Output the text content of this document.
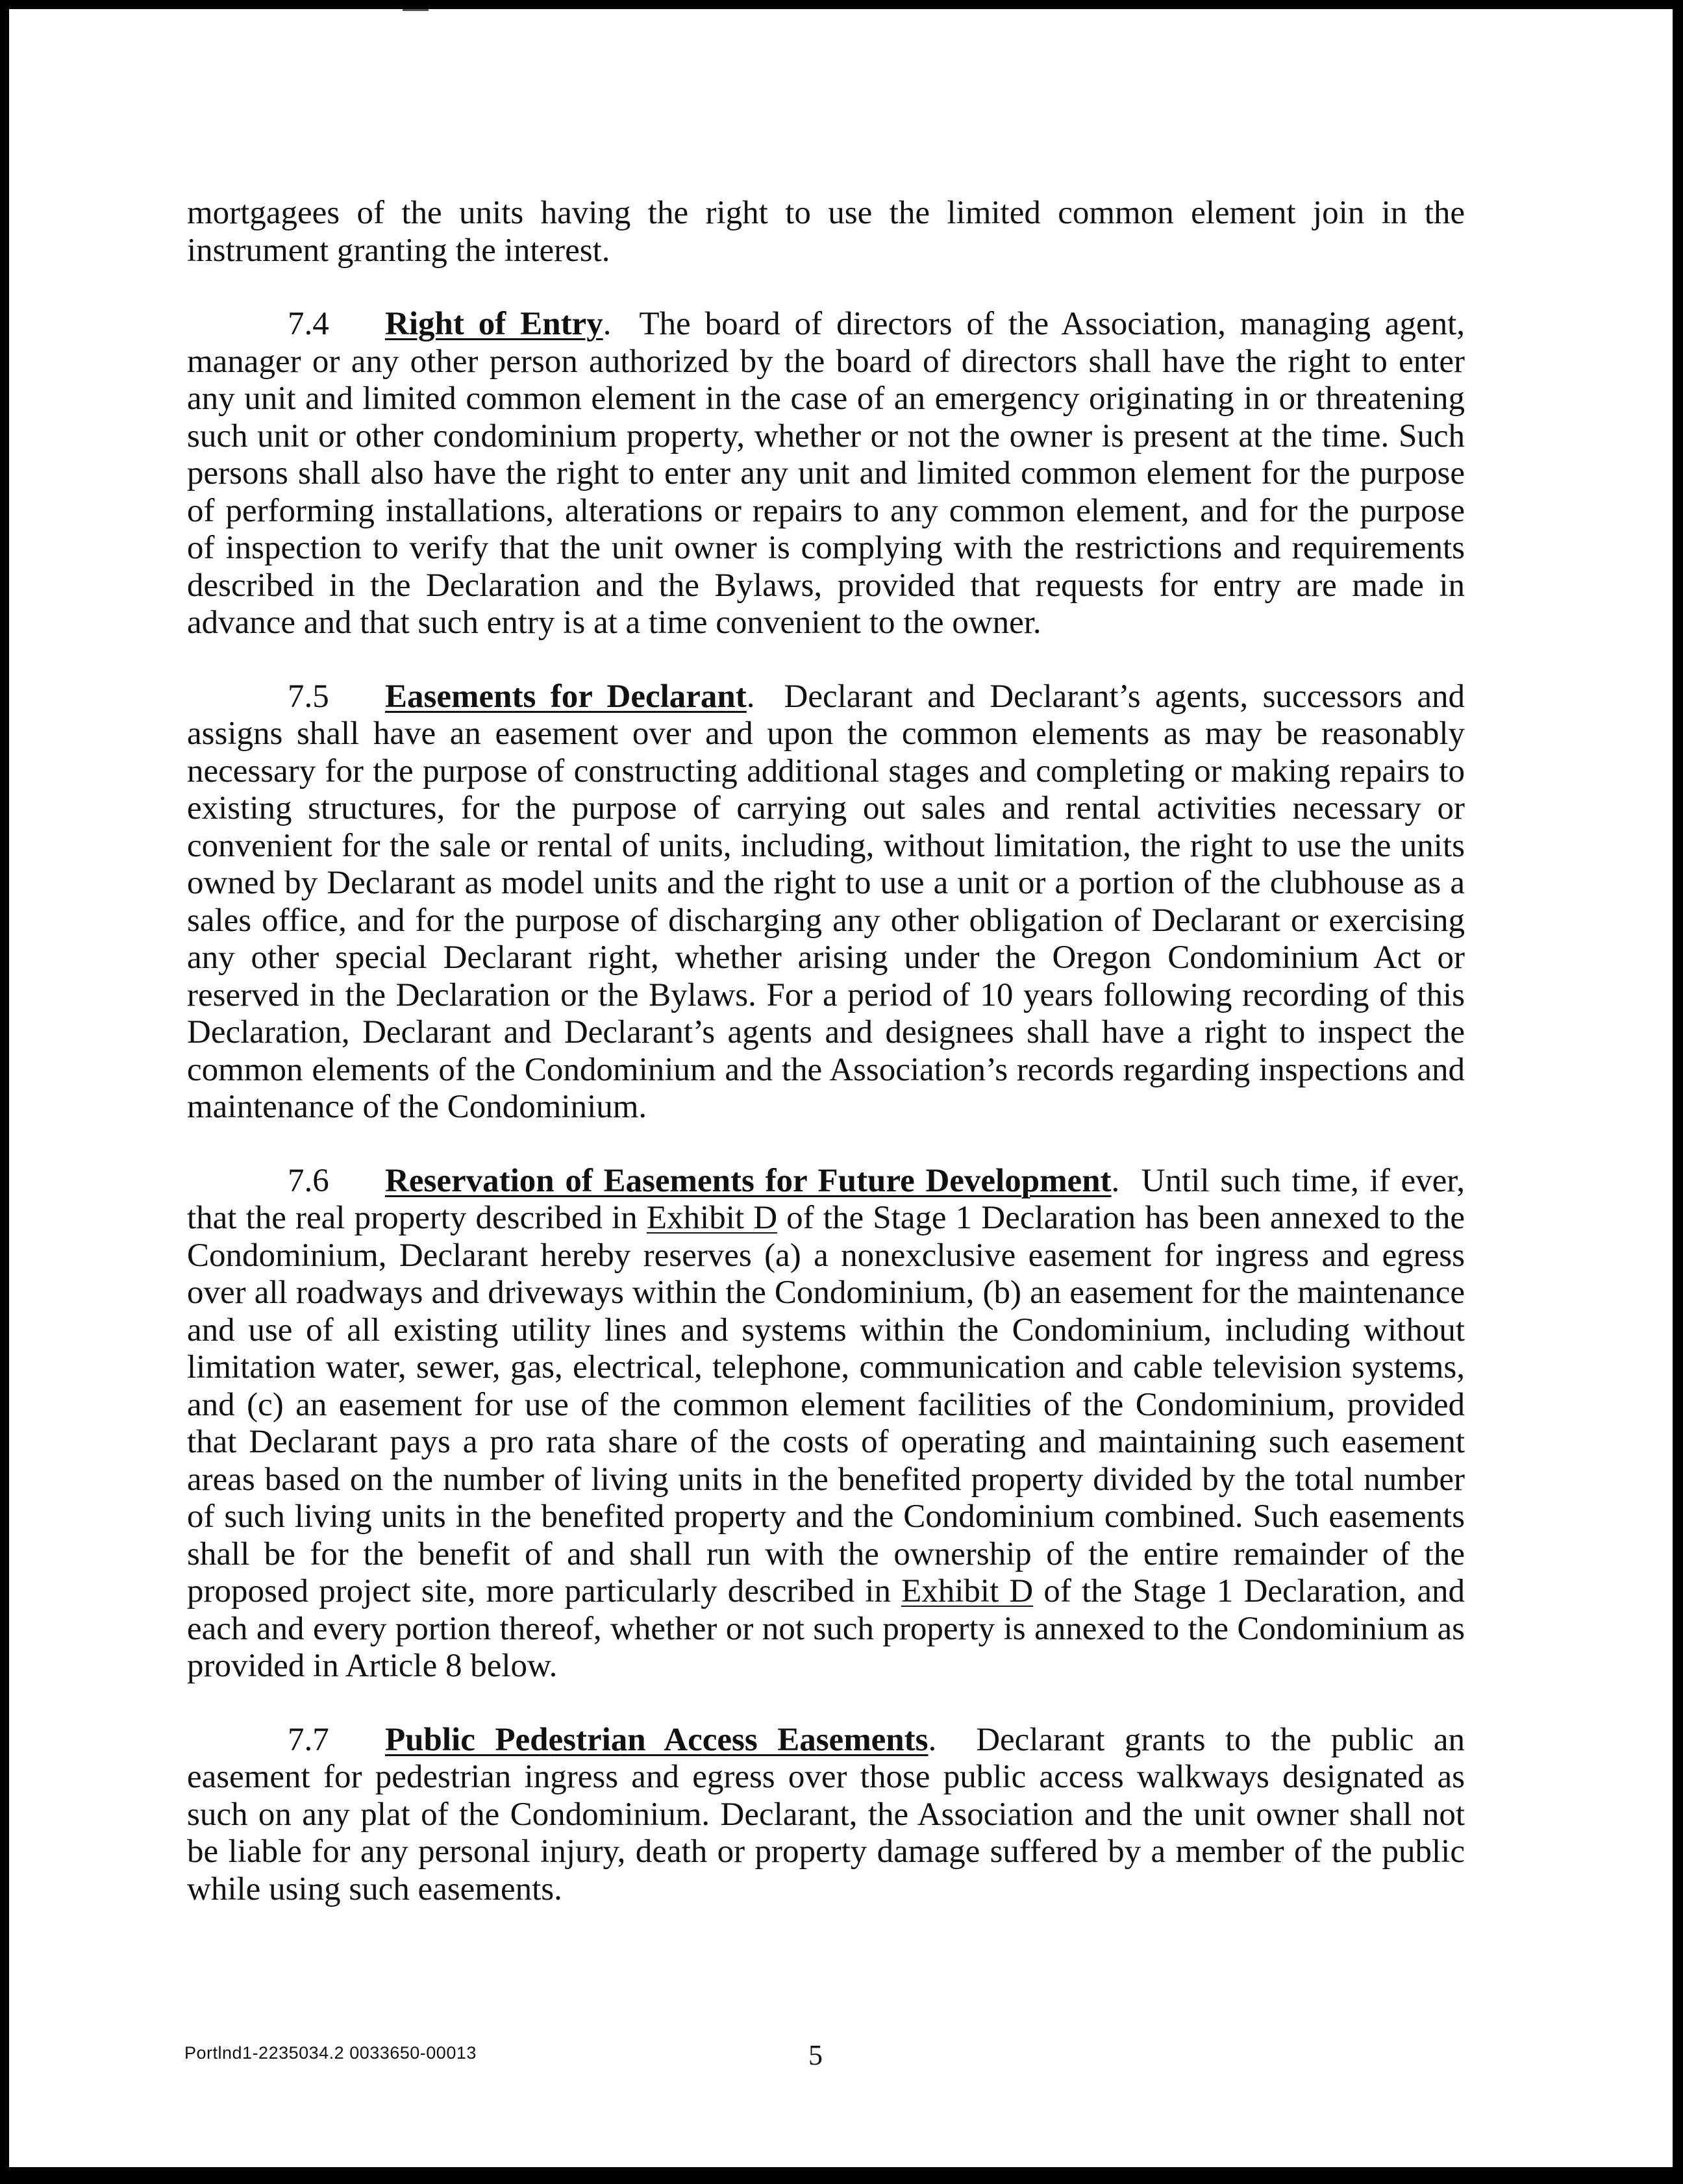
mortgagees of the units having the right to use the limited common element join in the instrument granting the interest.

7.4 Right of Entry. The board of directors of the Association, managing agent, manager or any other person authorized by the board of directors shall have the right to enter any unit and limited common element in the case of an emergency originating in or threatening such unit or other condominium property, whether or not the owner is present at the time. Such persons shall also have the right to enter any unit and limited common element for the purpose of performing installations, alterations or repairs to any common element, and for the purpose of inspection to verify that the unit owner is complying with the restrictions and requirements described in the Declaration and the Bylaws, provided that requests for entry are made in advance and that such entry is at a time convenient to the owner.

7.5 Easements for Declarant. Declarant and Declarant’s agents, successors and assigns shall have an easement over and upon the common elements as may be reasonably necessary for the purpose of constructing additional stages and completing or making repairs to existing structures, for the purpose of carrying out sales and rental activities necessary or convenient for the sale or rental of units, including, without limitation, the right to use the units owned by Declarant as model units and the right to use a unit or a portion of the clubhouse as a sales office, and for the purpose of discharging any other obligation of Declarant or exercising any other special Declarant right, whether arising under the Oregon Condominium Act or reserved in the Declaration or the Bylaws. For a period of 10 years following recording of this Declaration, Declarant and Declarant’s agents and designees shall have a right to inspect the common elements of the Condominium and the Association’s records regarding inspections and maintenance of the Condominium.

7.6 Reservation of Easements for Future Development. Until such time, if ever, that the real property described in Exhibit D of the Stage 1 Declaration has been annexed to the Condominium, Declarant hereby reserves (a) a nonexclusive easement for ingress and egress over all roadways and driveways within the Condominium, (b) an easement for the maintenance and use of all existing utility lines and systems within the Condominium, including without limitation water, sewer, gas, electrical, telephone, communication and cable television systems, and (c) an easement for use of the common element facilities of the Condominium, provided that Declarant pays a pro rata share of the costs of operating and maintaining such easement areas based on the number of living units in the benefited property divided by the total number of such living units in the benefited property and the Condominium combined. Such easements shall be for the benefit of and shall run with the ownership of the entire remainder of the proposed project site, more particularly described in Exhibit D of the Stage 1 Declaration, and each and every portion thereof, whether or not such property is annexed to the Condominium as provided in Article 8 below.

7.7 Public Pedestrian Access Easements. Declarant grants to the public an easement for pedestrian ingress and egress over those public access walkways designated as such on any plat of the Condominium. Declarant, the Association and the unit owner shall not be liable for any personal injury, death or property damage suffered by a member of the public while using such easements.

Portlnd1-2235034.2 0033650-00013	5
